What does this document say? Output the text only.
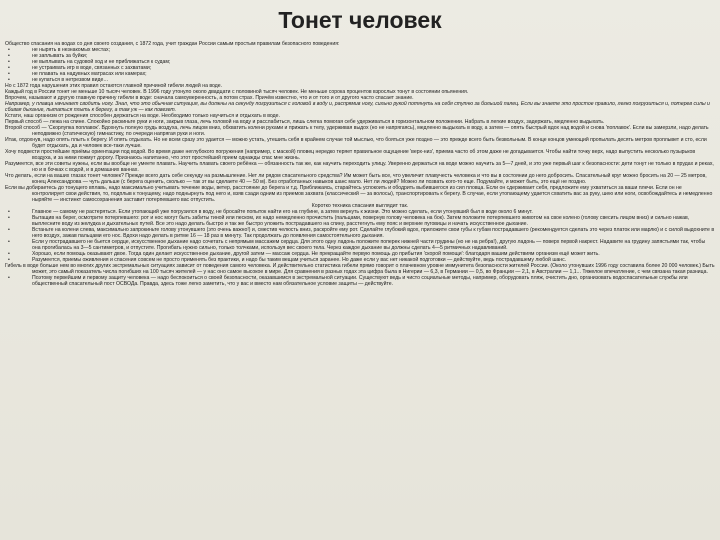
Тонет человек

Общество спасания на водах со дня своего создания, с 1872 года, учит граждан России самым простым правилам безопасного поведения:

• не нырять в незнакомых местах;
• не заплывать за буйки;
• не выплывать на судовой ход и не приближаться к судам;
• не устраивать игр в воде, связанных с захватами;
• не плавать на надувных матрасах или камерах;
• не купаться в нетрезвом виде…

Но с 1872 года нарушения этих правил остаются главной причиной гибели людей на воде.

Каждый год в России тонет не меньше 10 тысяч человек. В 1996 году утонуло около двадцати с половиной тысяч человек. Не меньше сорока процентов взрослых тонут в состоянии опьянения.

Впрочем, называют и другую главную причину гибели в воде: сначала самоуверенность, а потом страх. Причём известно, что и от того и от другого часто спасает знание.

Например, у плавца начинает сводить ногу. Знал, что это обычная ситуация, вы должны на секунду погрузиться с головой в воду и, распрямив ногу, сильно рукой потянуть на себя ступню за большой палец. Если вы знаете это простое правило, легко погрузиться и, потерев силы и сбивая дыхание, пытаться плыть к берегу, а там уж — как повезет.

Кстати, наш организм от рождения способен держаться на воде. Необходимо только научиться и отдыхать в воде.

Первый способ — лежа на спине. Спокойно раскиньте руки и ноги, закрыв глаза, лечь головой на воду и расслабиться, лишь слегка помогая себе удерживаться в горизонтальном положении. Набрать в легкие воздух, задержать, медленно выдыхать.

Второй способ — 'Скорлупка поплавок'. Вдохнуть полную грудь воздуха, лечь лицом вниз, обхватить колени руками и прижать к телу, удерживая выдох (но не напрягаясь), медленно выдыхать в воду, а затем — опять быстрый вдох над водой и снова 'поплавок'. Если вы замерзли, надо делать неподвижно (статическую) гимнастику, по очереди напрягая руки и ноги.

Итак, отдохнув, надо опять плыть к берегу. И опять отдыхать. Но не всем сразу это удается — можно устать, утешить себя в крайнем случае той мыслью, что бояться уже поздно — это прежде всего быть безвольным. В конце концов умеющий пропылать десять метров проплывет и сто, если будет отдыхать, да и человек все-таки лучше.

Хочу подвести простейшие приёмы ориентации под водой. Во время даже неглубокого погружения (например, с маской) пловец нередко теряет правильное ощущение 'верх-низ', приема часто об этом даже не догадывается. Чтобы найти точку верх, надо выпустить несколько пузырьков воздуха, и за ними пожмут дорогу. Признаюсь напитанно, что этот простейший прием однажды спас мне жизнь.

Разумеется, все эти советы нужны, если вы вообще не умеете плавать. Научить плавать своего ребёнка — обязанность так же, как научить переходить улицу. Уверенно держаться на воде можно научить за 5—7 дней, и это уже первый шаг к безопасности: дети тонут не только в прудах и реках, но и в бочках с водой, и в домашних ваннах.

Что делать, если на ваших глазах тонет человек? Прежде всего дать себе секунду на размышление. Нет ли рядом спасательного средства? Им может быть все, что увеличит плавучесть человека и что вы в состоянии до него добросить. Спасательный круг можно бросить на 20 — 25 метров, конец Александрова — чуть дальше (с берега оценить, сколько — так эт вы сделаете 40 — 50 м). Без отработанных навыков шанс мало. Нет ли людей? Можно ли позвать кого-то еще. Подумайте, и может быть, это ещё не поздно.

Если вы добираетесь до тонущего вплавь, надо максимально учитывать течение воды, ветер, расстояние до берега и т.д. Приближаясь, старайтесь успокоить и ободрить выбившегося из сил пловца. Если он сдерживает себя, предложите ему ухватиться за ваши плечи. Если он не контролирует свои действия, то, подплыв к тонущему, надо поднырнуть под него и, взяв сзади одним из приемов захвата (классический — за волосы), транспортировать к берегу. В случае, если утопающему удается схватить вас за руку, шею или ноги, освобождайтесь и немедленно ныряйте — инстинкт самосохранения заставит потерпевшего вас отпустить.

Коротко техника спасания выглядит так.

• Главное — самому не растеряться. Если утопающий уже погрузился в воду, не бросайте попыток найти его на глубине, а затем вернуть к жизни. Это можно сделать, если утонувший был в воде около 6 минут.
• Вытащив на берег, осмотрите потерпевшего: рот и нос могут быть забиты тиной или песком, их надо немедленно прочистить (пальцами, повернув голову человека на бок). Затем положите потерпевшего животом на свое колено (голову свесить лицом вниз) и сильно нажав, выплесните воду из желудка и дыхательных путей. Все это надо делать быстро и так же быстро уложить пострадавшего на спину, расстегнуть ему пояс и верхние пуговицы и начать искусственное дыхание.
• Встаньте на колени слева, максимально запрокиньте голову утонувшего (это очень важно!) и, сместив челюсть вниз, раскройте ему рот. Сделайте глубокий вдох, приложите свои губы к губам пострадавшего (рекомендуется сделать это через платок или марлю) и с силой выдохните в него воздух, зажав пальцами его нос. Вдохи надо делать в ритме 16 — 18 раз в минуту. Так продолжать до появления самостоятельного дыхания.
• Если у пострадавшего не бьется сердце, искусственное дыхание надо сочетать с непрямым массажем сердца. Для этого одну ладонь положите поперек нижней части грудины (но не на ребра!), другую ладонь — поверх первой накрест. Надавите на грудину запястьями так, чтобы она прогибалась на 3—5 сантиметров, и отпустите. Прогибать нужно сильно, только толчками, используя вес своего тела. Через каждое дыхание вы должны сделать 4—5 ритмичных надавливаний.
• Хорошо, если помощь оказывают двое. Тогда один делает искусственное дыхание, другой затем — массаж сердца. Не прекращайте первую помощь до прибытия 'скорой помощи': благодаря вашим действиям организм ещё может жить.
• Разумеется, приемы оживления и спасения совсем не просто применять без практики, и надо бы таким вещам учиться заранее. Но даже если у вас нет никакой подготовки — действуйте, ведь пострадавшему любой шанс.

Гибель в воде больше нем во многих других экстремальных ситуациях зависит от поведения самого человека. И действительно статистика гибели прямо говорит о плачевном уровне иммунитета безопасности жителей России. (Около утонувших 1996 году составила более 20 000 человек.) Быть может, это самый показатель числа погибших на 100 тысяч жителей — у нас оно самое высокое в мире. Для сравнения в разных годах эта цифра была в Нигерии — 6,3, в Германии — 0,5, во Франции — 2,1, в Австралии — 1,1... Тяжелое впечатление, с чем связана такая разница.

• Поэтому первейшим и первому защиту человека — надо беспокоиться о своей безопасности, оказавшимся в экстремальной ситуации. Существуют ведь и чисто социальные методы, например, оборудовать пляж, очистить дно, организовать водоспасательные службы или общественный спасательный пост ОСВОДа. Правда, здесь тоже легко заметить, что у вас и вместо нам обязательное условие защиты — действуйте.
